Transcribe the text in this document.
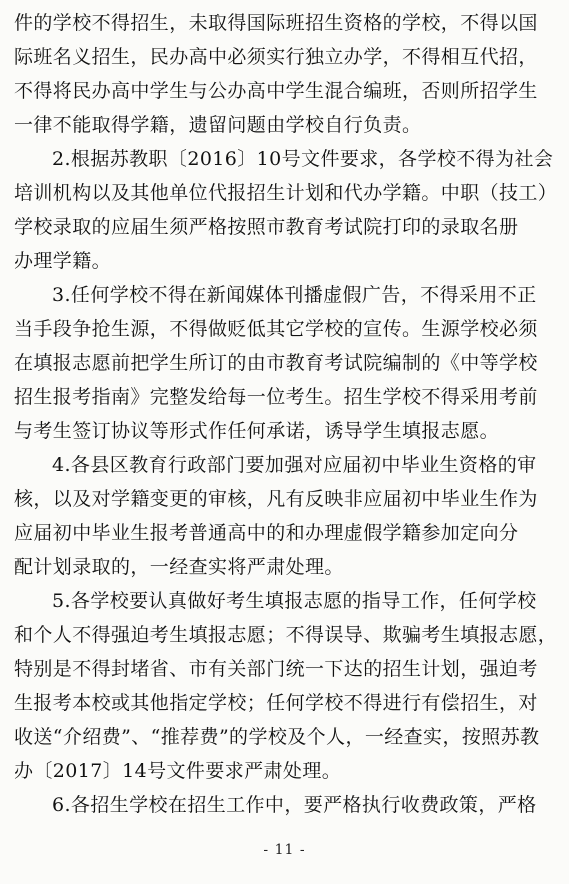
件的学校不得招生，未取得国际班招生资格的学校，不得以国
际班名义招生，民办高中必须实行独立办学，不得相互代招，
不得将民办高中学生与公办高中学生混合编班，否则所招学生
一律不能取得学籍，遗留问题由学校自行负责。

2.根据苏教职〔2016〕10号文件要求，各学校不得为社会
培训机构以及其他单位代报招生计划和代办学籍。中职（技工）
学校录取的应届生须严格按照市教育考试院打印的录取名册
办理学籍。

3.任何学校不得在新闻媒体刊播虚假广告，不得采用不正
当手段争抢生源，不得做贬低其它学校的宣传。生源学校必须
在填报志愿前把学生所订的由市教育考试院编制的《中等学校
招生报考指南》完整发给每一位考生。招生学校不得采用考前
与考生签订协议等形式作任何承诺，诱导学生填报志愿。

4.各县区教育行政部门要加强对应届初中毕业生资格的审
核，以及对学籍变更的审核，凡有反映非应届初中毕业生作为
应届初中毕业生报考普通高中的和办理虚假学籍参加定向分
配计划录取的，一经查实将严肃处理。

5.各学校要认真做好考生填报志愿的指导工作，任何学校
和个人不得强迫考生填报志愿；不得误导、欺骗考生填报志愿，
特别是不得封堵省、市有关部门统一下达的招生计划，强迫考
生报考本校或其他指定学校；任何学校不得进行有偿招生，对
收送“介绍费”、“推荐费”的学校及个人，一经查实，按照苏教
办〔2017〕14号文件要求严肃处理。

6.各招生学校在招生工作中，要严格执行收费政策，严格

- 11 -
